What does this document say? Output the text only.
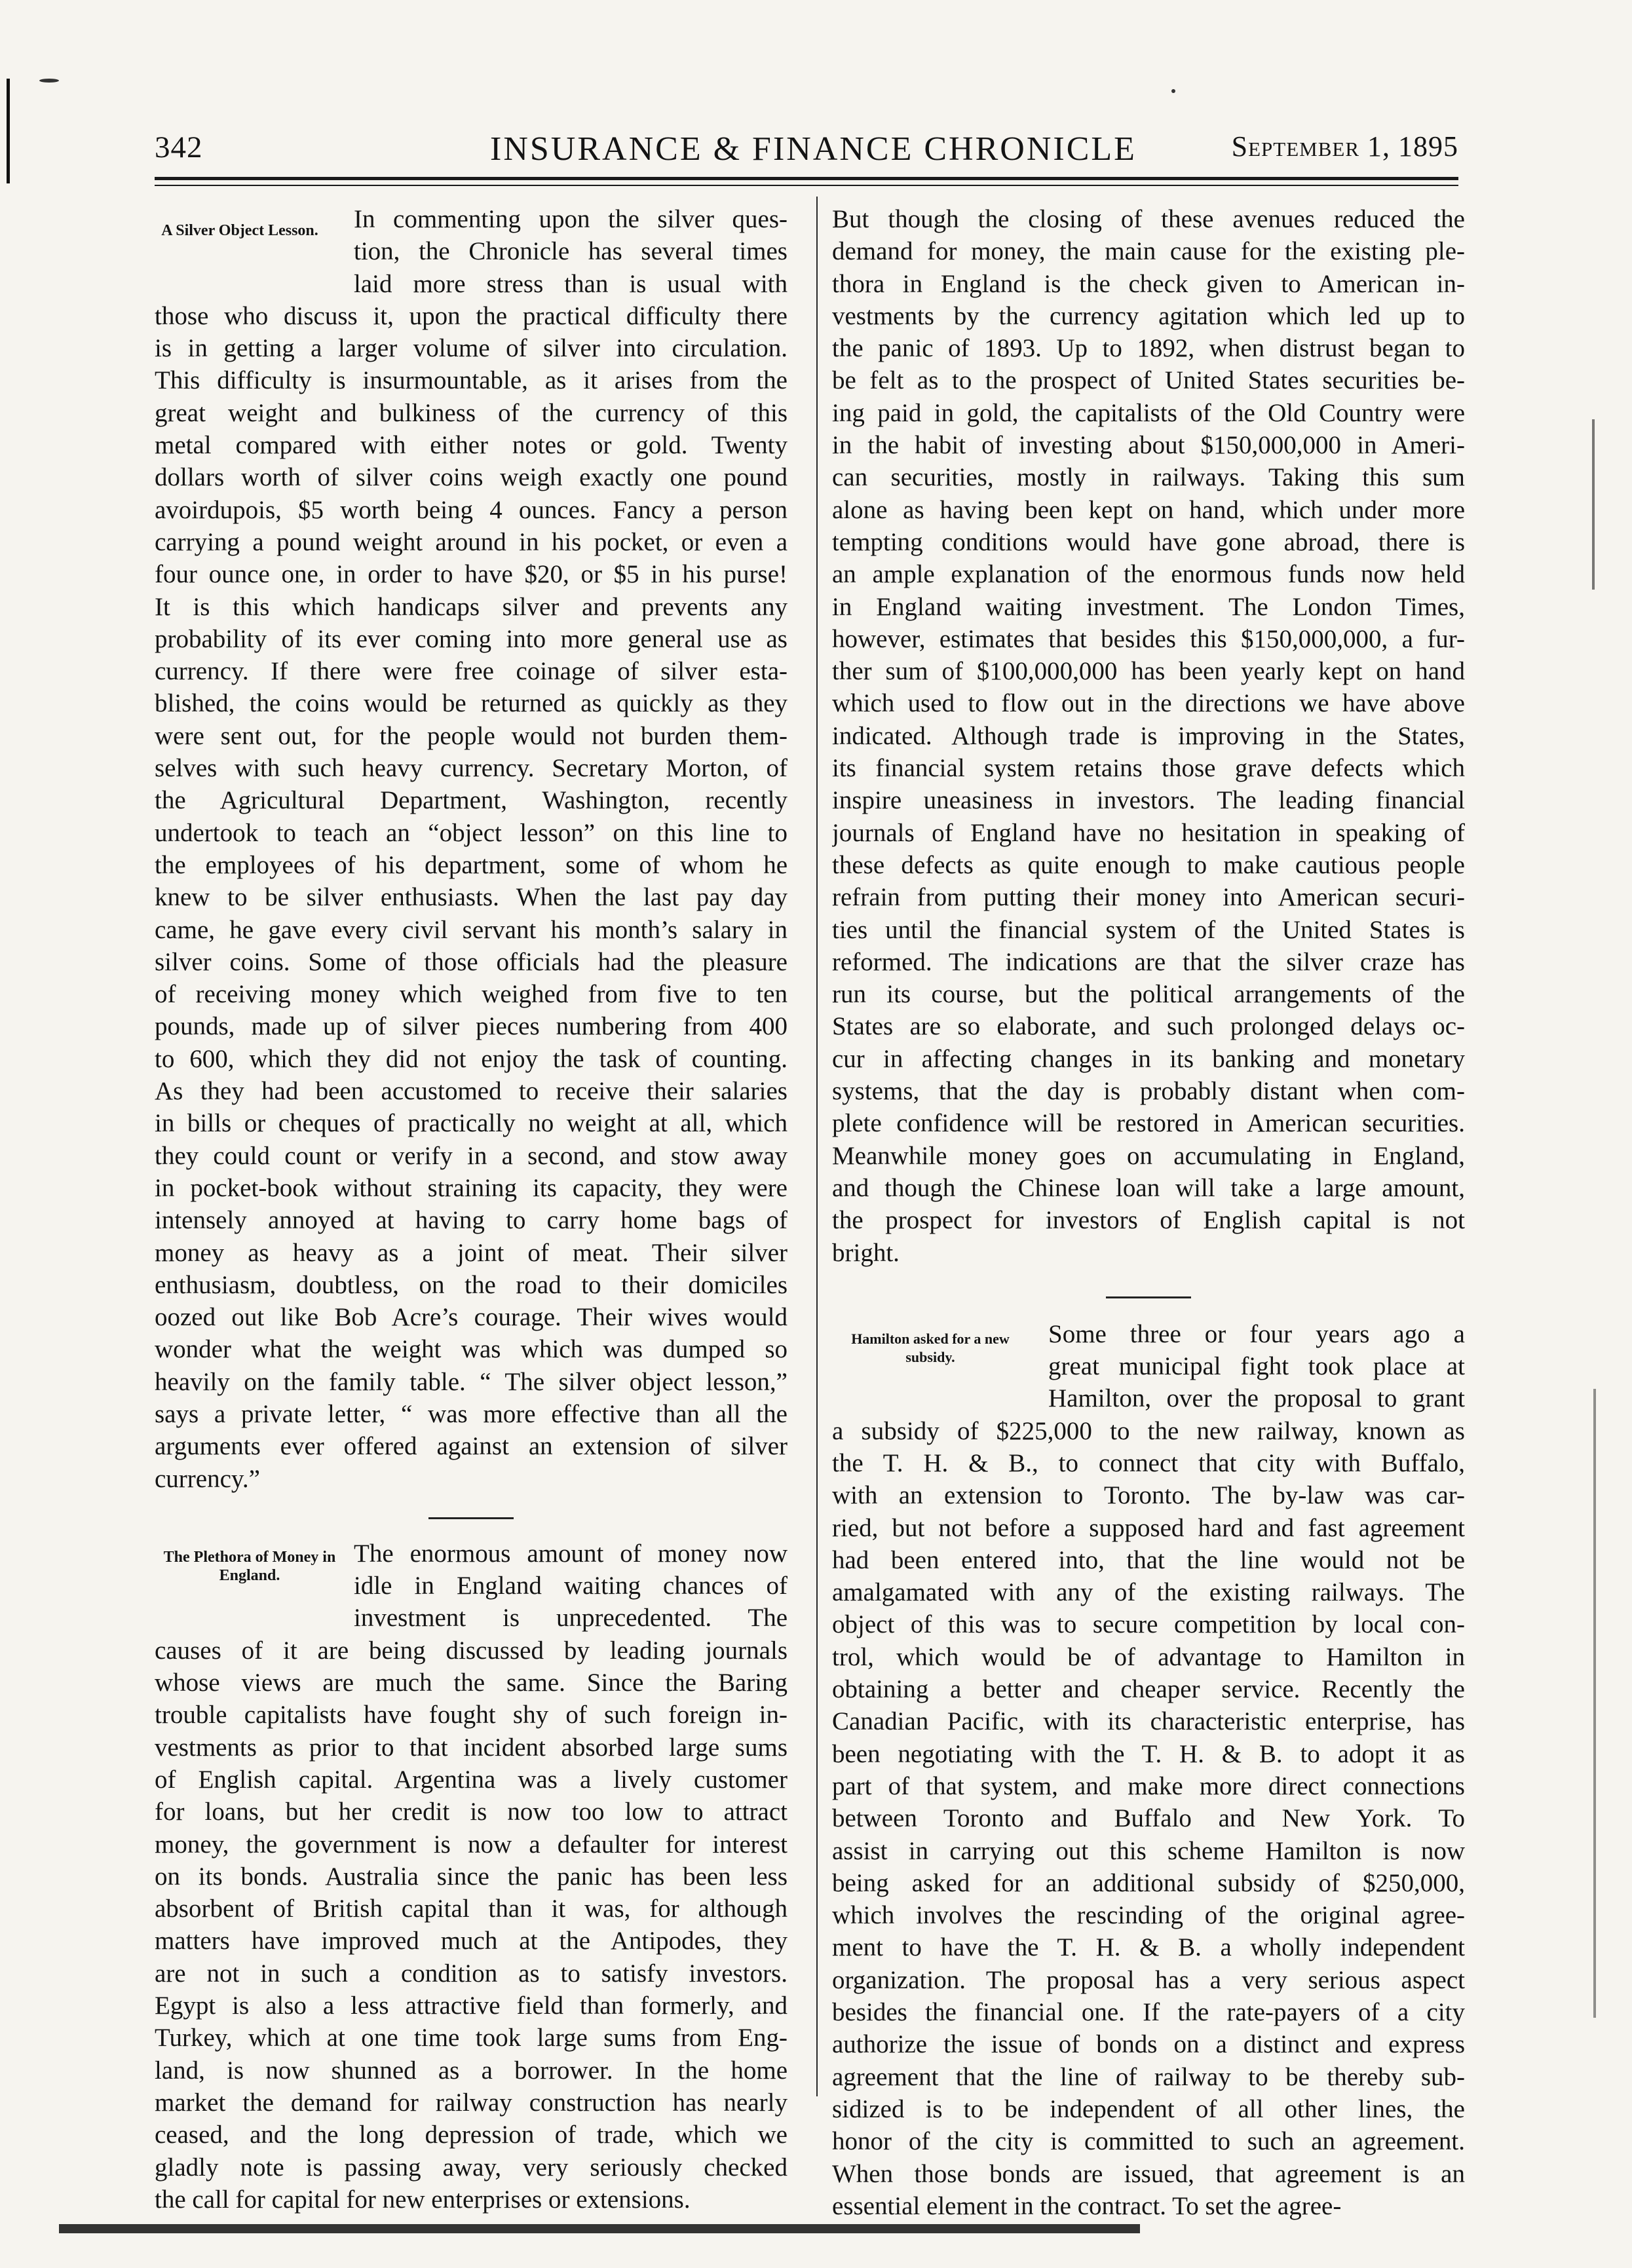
342	INSURANCE & FINANCE CHRONICLE	September 1, 1895
A Silver Object Lesson.	In commenting upon the silver ques-
tion, the Chronicle has several times
laid more stress than is usual with
those who discuss it, upon the practical difficulty there
is in getting a larger volume of silver into circulation.
This difficulty is insurmountable, as it arises from the
great weight and bulkiness of the currency of this
metal compared with either notes or gold. Twenty
dollars worth of silver coins weigh exactly one pound
avoirdupois, $5 worth being 4 ounces. Fancy a person
carrying a pound weight around in his pocket, or even a
four ounce one, in order to have $20, or $5 in his purse!
It is this which handicaps silver and prevents any
probability of its ever coming into more general use as
currency. If there were free coinage of silver esta-
blished, the coins would be returned as quickly as they
were sent out, for the people would not burden them-
selves with such heavy currency. Secretary Morton, of
the Agricultural Department, Washington, recently
undertook to teach an “object lesson” on this line to
the employees of his department, some of whom he
knew to be silver enthusiasts. When the last pay day
came, he gave every civil servant his month’s salary in
silver coins. Some of those officials had the pleasure
of receiving money which weighed from five to ten
pounds, made up of silver pieces numbering from 400
to 600, which they did not enjoy the task of counting.
As they had been accustomed to receive their salaries
in bills or cheques of practically no weight at all, which
they could count or verify in a second, and stow away
in pocket-book without straining its capacity, they were
intensely annoyed at having to carry home bags of
money as heavy as a joint of meat. Their silver
enthusiasm, doubtless, on the road to their domiciles
oozed out like Bob Acre’s courage. Their wives would
wonder what the weight was which was dumped so
heavily on the family table. “ The silver object lesson,”
says a private letter, “ was more effective than all the
arguments ever offered against an extension of silver
currency.”

The Plethora of Money in England.

The enormous amount of money now
idle in England waiting chances of
investment is unprecedented. The
causes of it are being discussed by leading journals
whose views are much the same. Since the Baring
trouble capitalists have fought shy of such foreign in-
vestments as prior to that incident absorbed large sums
of English capital. Argentina was a lively customer
for loans, but her credit is now too low to attract
money, the government is now a defaulter for interest
on its bonds. Australia since the panic has been less
absorbent of British capital than it was, for although
matters have improved much at the Antipodes, they
are not in such a condition as to satisfy investors.
Egypt is also a less attractive field than formerly, and
Turkey, which at one time took large sums from Eng-
land, is now shunned as a borrower. In the home
market the demand for railway construction has nearly
ceased, and the long depression of trade, which we
gladly note is passing away, very seriously checked
the call for capital for new enterprises or extensions.

But though the closing of these avenues reduced the
demand for money, the main cause for the existing ple-
thora in England is the check given to American in-
vestments by the currency agitation which led up to
the panic of 1893. Up to 1892, when distrust began to
be felt as to the prospect of United States securities be-
ing paid in gold, the capitalists of the Old Country were
in the habit of investing about $150,000,000 in Ameri-
can securities, mostly in railways. Taking this sum
alone as having been kept on hand, which under more
tempting conditions would have gone abroad, there is
an ample explanation of the enormous funds now held
in England waiting investment. The London Times,
however, estimates that besides this $150,000,000, a fur-
ther sum of $100,000,000 has been yearly kept on hand
which used to flow out in the directions we have above
indicated. Although trade is improving in the States,
its financial system retains those grave defects which
inspire uneasiness in investors. The leading financial
journals of England have no hesitation in speaking of
these defects as quite enough to make cautious people
refrain from putting their money into American securi-
ties until the financial system of the United States is
reformed. The indications are that the silver craze has
run its course, but the political arrangements of the
States are so elaborate, and such prolonged delays oc-
cur in affecting changes in its banking and monetary
systems, that the day is probably distant when com-
plete confidence will be restored in American securities.
Meanwhile money goes on accumulating in England,
and though the Chinese loan will take a large amount,
the prospect for investors of English capital is not
bright.

Hamilton asked for a new subsidy.

Some three or four years ago a
great municipal fight took place at
Hamilton, over the proposal to grant
a subsidy of $225,000 to the new railway, known as
the T. H. & B., to connect that city with Buffalo,
with an extension to Toronto. The by-law was car-
ried, but not before a supposed hard and fast agreement
had been entered into, that the line would not be
amalgamated with any of the existing railways. The
object of this was to secure competition by local con-
trol, which would be of advantage to Hamilton in
obtaining a better and cheaper service. Recently the
Canadian Pacific, with its characteristic enterprise, has
been negotiating with the T. H. & B. to adopt it as
part of that system, and make more direct connections
between Toronto and Buffalo and New York. To
assist in carrying out this scheme Hamilton is now
being asked for an additional subsidy of $250,000,
which involves the rescinding of the original agree-
ment to have the T. H. & B. a wholly independent
organization. The proposal has a very serious aspect
besides the financial one. If the rate-payers of a city
authorize the issue of bonds on a distinct and express
agreement that the line of railway to be thereby sub-
sidized is to be independent of all other lines, the
honor of the city is committed to such an agreement.
When those bonds are issued, that agreement is an
essential element in the contract. To set the agree-
